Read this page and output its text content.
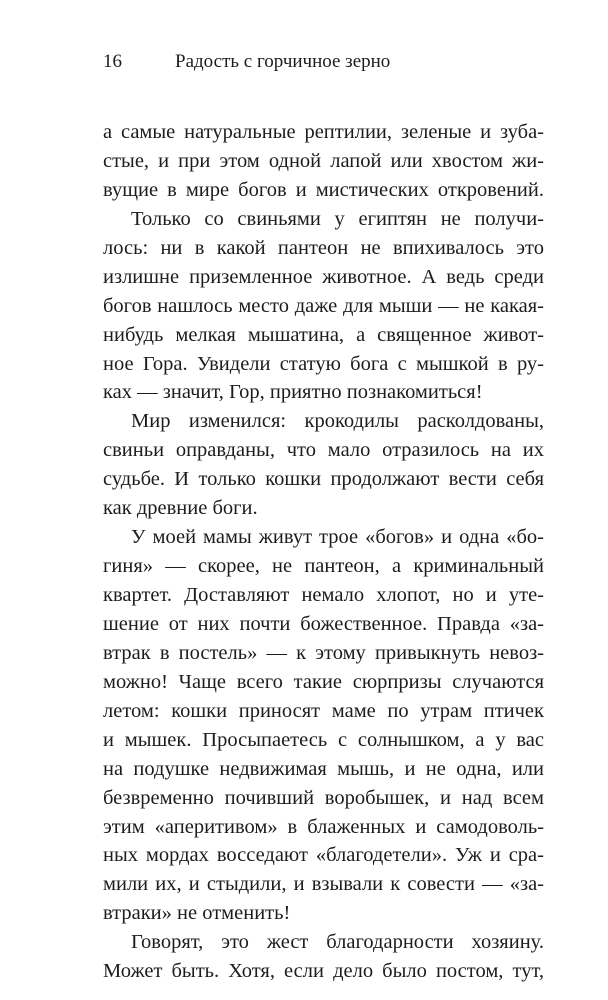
16	Радость с горчичное зерно
а самые натуральные рептилии, зеленые и зуба-
стые, и при этом одной лапой или хвостом жи-
вущие в мире богов и мистических откровений.
Только со свиньями у египтян не получи-
лось: ни в какой пантеон не впихивалось это
излишне приземленное животное. А ведь среди
богов нашлось место даже для мыши — не какая-
нибудь мелкая мышатина, а священное живот-
ное Гора. Увидели статую бога с мышкой в ру-
ках — значит, Гор, приятно познакомиться!
Мир изменился: крокодилы расколдованы,
свиньи оправданы, что мало отразилось на их
судьбе. И только кошки продолжают вести себя
как древние боги.
У моей мамы живут трое «богов» и одна «бо-
гиня» — скорее, не пантеон, а криминальный
квартет. Доставляют немало хлопот, но и уте-
шение от них почти божественное. Правда «за-
втрак в постель» — к этому привыкнуть невоз-
можно! Чаще всего такие сюрпризы случаются
летом: кошки приносят маме по утрам птичек
и мышек. Просыпаетесь с солнышком, а у вас
на подушке недвижимая мышь, и не одна, или
безвременно почивший воробышек, и над всем
этим «аперитивом» в блаженных и самодоволь-
ных мордах восседают «благодетели». Уж и сра-
мили их, и стыдили, и взывали к совести — «за-
втраки» не отменить!
Говорят, это жест благодарности хозяину.
Может быть. Хотя, если дело было постом, тут,
